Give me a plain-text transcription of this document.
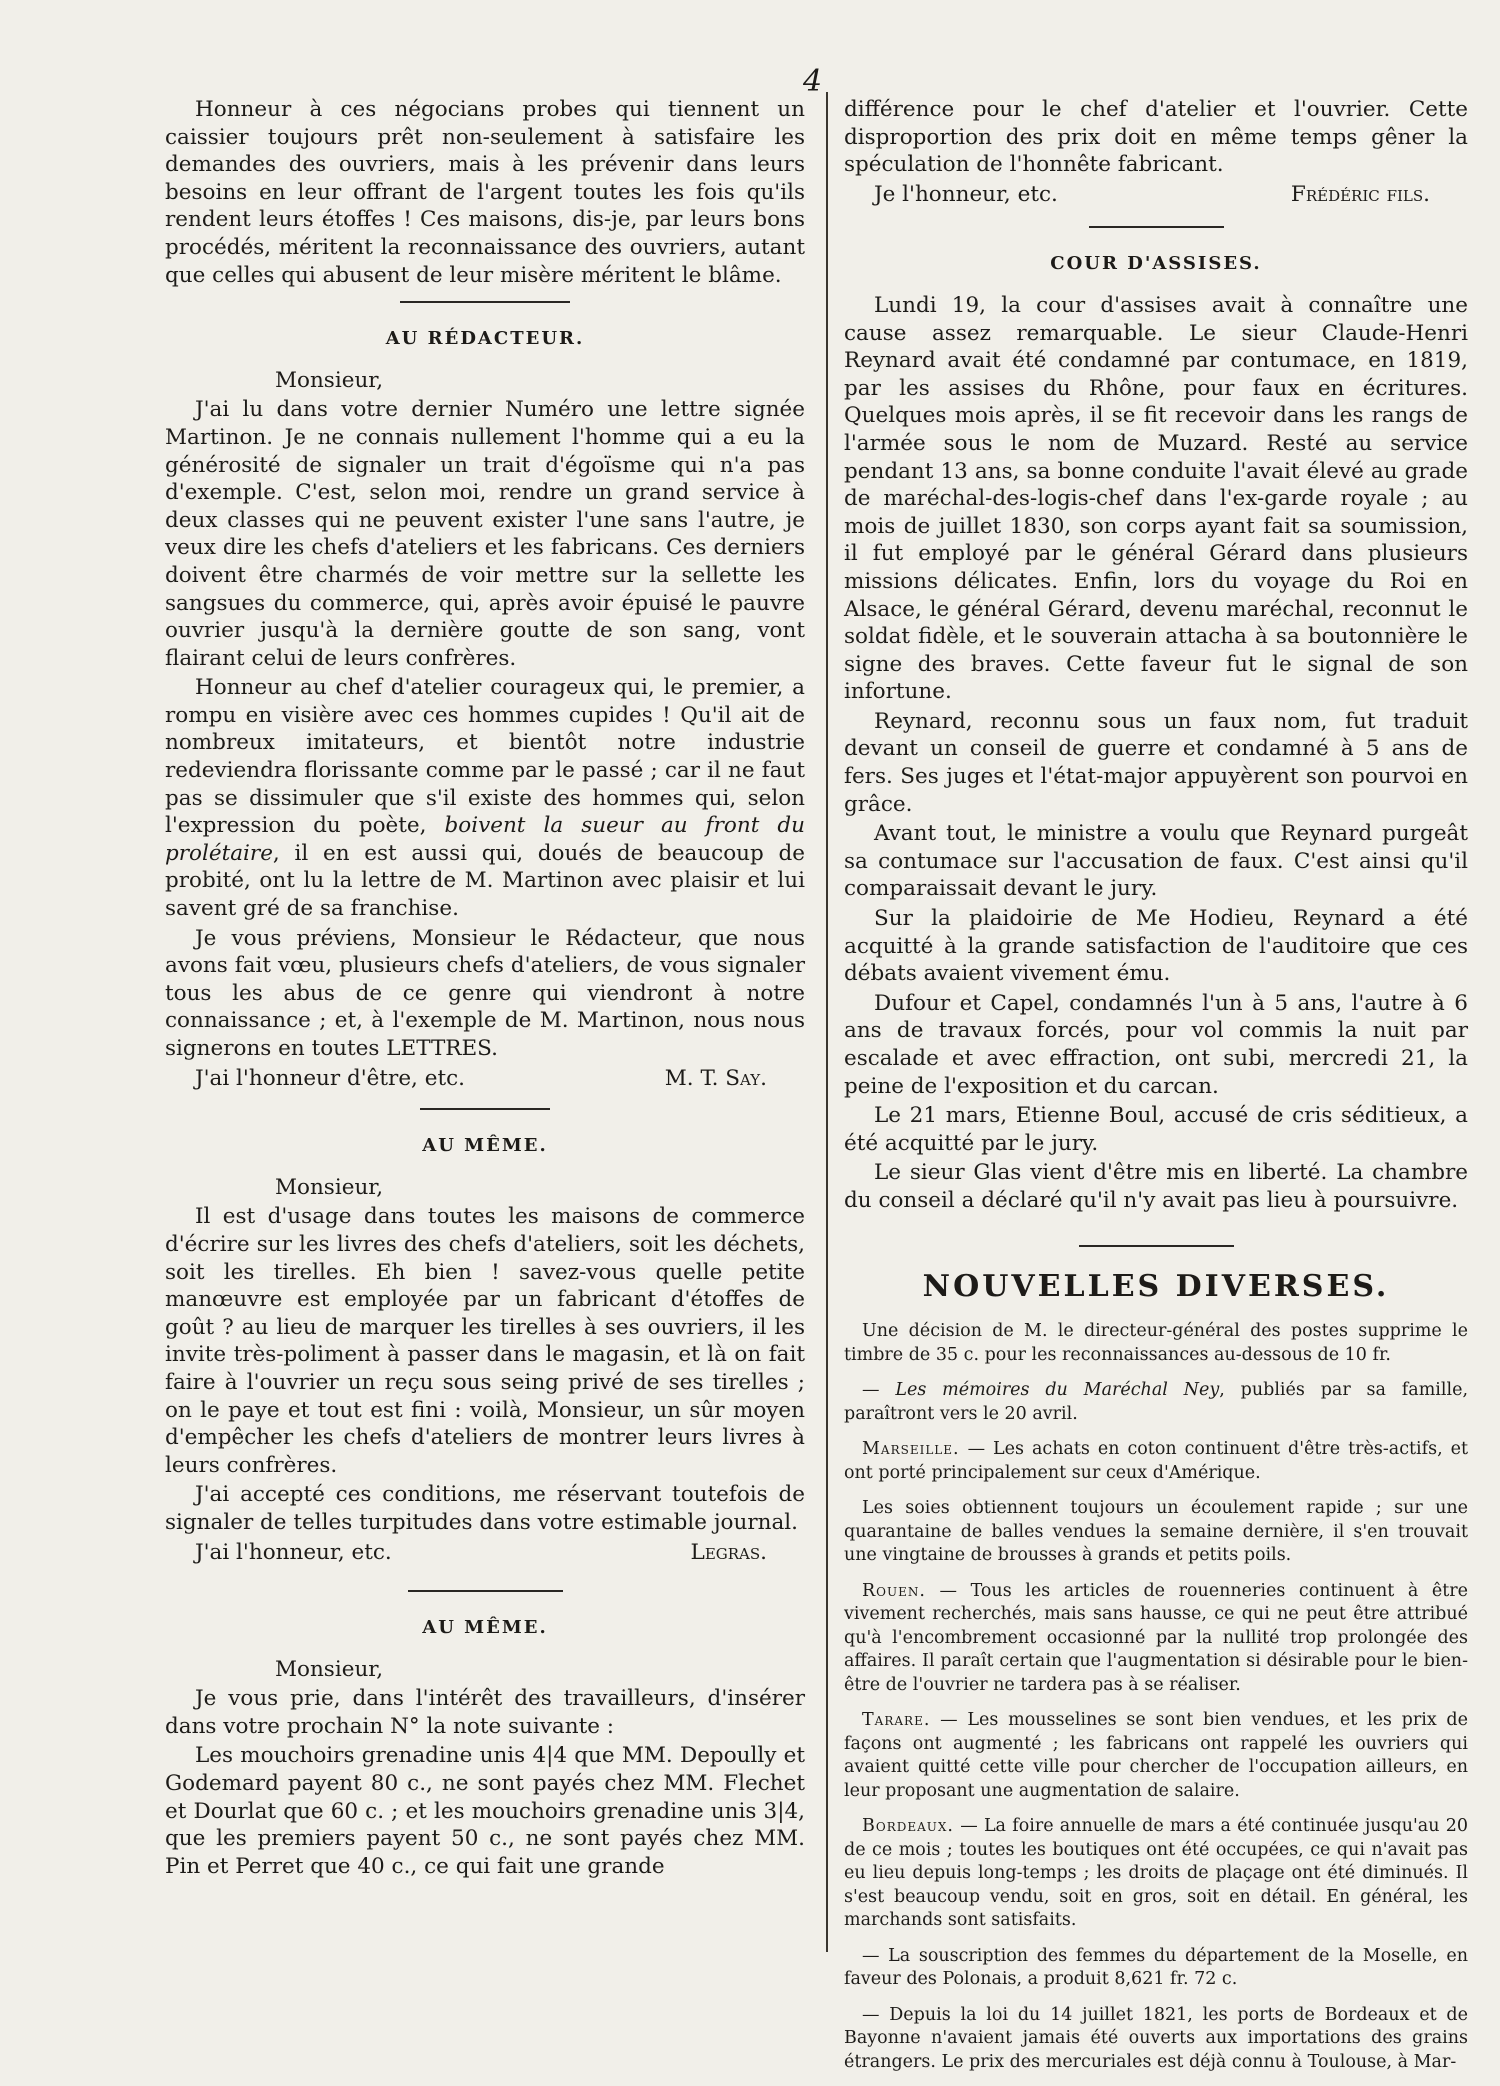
4

Honneur à ces négocians probes qui tiennent un caissier toujours prêt non-seulement à satisfaire les demandes des ouvriers, mais à les prévenir dans leurs besoins en leur offrant de l'argent toutes les fois qu'ils rendent leurs étoffes ! Ces maisons, dis-je, par leurs bons procédés, méritent la reconnaissance des ouvriers, autant que celles qui abusent de leur misère méritent le blâme.

AU RÉDACTEUR.

Monsieur,

J'ai lu dans votre dernier Numéro une lettre signée Martinon. Je ne connais nullement l'homme qui a eu la générosité de signaler un trait d'égoïsme qui n'a pas d'exemple. C'est, selon moi, rendre un grand service à deux classes qui ne peuvent exister l'une sans l'autre, je veux dire les chefs d'ateliers et les fabricans. Ces derniers doivent être charmés de voir mettre sur la sellette les sangsues du commerce, qui, après avoir épuisé le pauvre ouvrier jusqu'à la dernière goutte de son sang, vont flairant celui de leurs confrères.

Honneur au chef d'atelier courageux qui, le premier, a rompu en visière avec ces hommes cupides ! Qu'il ait de nombreux imitateurs, et bientôt notre industrie redeviendra florissante comme par le passé ; car il ne faut pas se dissimuler que s'il existe des hommes qui, selon l'expression du poète, boivent la sueur au front du prolétaire, il en est aussi qui, doués de beaucoup de probité, ont lu la lettre de M. Martinon avec plaisir et lui savent gré de sa franchise.

Je vous préviens, Monsieur le Rédacteur, que nous avons fait vœu, plusieurs chefs d'ateliers, de vous signaler tous les abus de ce genre qui viendront à notre connaissance ; et, à l'exemple de M. Martinon, nous nous signerons en toutes LETTRES.

J'ai l'honneur d'être, etc.	M. T. Say.
AU MÊME.

Monsieur,

Il est d'usage dans toutes les maisons de commerce d'écrire sur les livres des chefs d'ateliers, soit les déchets, soit les tirelles. Eh bien ! savez-vous quelle petite manœuvre est employée par un fabricant d'étoffes de goût ? au lieu de marquer les tirelles à ses ouvriers, il les invite très-poliment à passer dans le magasin, et là on fait faire à l'ouvrier un reçu sous seing privé de ses tirelles ; on le paye et tout est fini : voilà, Monsieur, un sûr moyen d'empêcher les chefs d'ateliers de montrer leurs livres à leurs confrères.

J'ai accepté ces conditions, me réservant toutefois de signaler de telles turpitudes dans votre estimable journal.

J'ai l'honneur, etc.	Legras.
AU MÊME.

Monsieur,

Je vous prie, dans l'intérêt des travailleurs, d'insérer dans votre prochain N° la note suivante :

Les mouchoirs grenadine unis 4|4 que MM. Depoully et Godemard payent 80 c., ne sont payés chez MM. Flechet et Dourlat que 60 c. ; et les mouchoirs grenadine unis 3|4, que les premiers payent 50 c., ne sont payés chez MM. Pin et Perret que 40 c., ce qui fait une grande

différence pour le chef d'atelier et l'ouvrier. Cette disproportion des prix doit en même temps gêner la spéculation de l'honnête fabricant.

Je l'honneur, etc.	Frédéric fils.
COUR D'ASSISES.

Lundi 19, la cour d'assises avait à connaître une cause assez remarquable. Le sieur Claude-Henri Reynard avait été condamné par contumace, en 1819, par les assises du Rhône, pour faux en écritures. Quelques mois après, il se fit recevoir dans les rangs de l'armée sous le nom de Muzard. Resté au service pendant 13 ans, sa bonne conduite l'avait élevé au grade de maréchal-des-logis-chef dans l'ex-garde royale ; au mois de juillet 1830, son corps ayant fait sa soumission, il fut employé par le général Gérard dans plusieurs missions délicates. Enfin, lors du voyage du Roi en Alsace, le général Gérard, devenu maréchal, reconnut le soldat fidèle, et le souverain attacha à sa boutonnière le signe des braves. Cette faveur fut le signal de son infortune.

Reynard, reconnu sous un faux nom, fut traduit devant un conseil de guerre et condamné à 5 ans de fers. Ses juges et l'état-major appuyèrent son pourvoi en grâce.

Avant tout, le ministre a voulu que Reynard purgeât sa contumace sur l'accusation de faux. C'est ainsi qu'il comparaissait devant le jury.

Sur la plaidoirie de Me Hodieu, Reynard a été acquitté à la grande satisfaction de l'auditoire que ces débats avaient vivement ému.

Dufour et Capel, condamnés l'un à 5 ans, l'autre à 6 ans de travaux forcés, pour vol commis la nuit par escalade et avec effraction, ont subi, mercredi 21, la peine de l'exposition et du carcan.

Le 21 mars, Etienne Boul, accusé de cris séditieux, a été acquitté par le jury.

Le sieur Glas vient d'être mis en liberté. La chambre du conseil a déclaré qu'il n'y avait pas lieu à poursuivre.

NOUVELLES DIVERSES.

Une décision de M. le directeur-général des postes supprime le timbre de 35 c. pour les reconnaissances au-dessous de 10 fr.

— Les mémoires du Maréchal Ney, publiés par sa famille, paraîtront vers le 20 avril.

Marseille. — Les achats en coton continuent d'être très-actifs, et ont porté principalement sur ceux d'Amérique.

Les soies obtiennent toujours un écoulement rapide ; sur une quarantaine de balles vendues la semaine dernière, il s'en trouvait une vingtaine de brousses à grands et petits poils.

Rouen. — Tous les articles de rouenneries continuent à être vivement recherchés, mais sans hausse, ce qui ne peut être attribué qu'à l'encombrement occasionné par la nullité trop prolongée des affaires. Il paraît certain que l'augmentation si désirable pour le bien-être de l'ouvrier ne tardera pas à se réaliser.

Tarare. — Les mousselines se sont bien vendues, et les prix de façons ont augmenté ; les fabricans ont rappelé les ouvriers qui avaient quitté cette ville pour chercher de l'occupation ailleurs, en leur proposant une augmentation de salaire.

Bordeaux. — La foire annuelle de mars a été continuée jusqu'au 20 de ce mois ; toutes les boutiques ont été occupées, ce qui n'avait pas eu lieu depuis long-temps ; les droits de plaçage ont été diminués. Il s'est beaucoup vendu, soit en gros, soit en détail. En général, les marchands sont satisfaits.

— La souscription des femmes du département de la Moselle, en faveur des Polonais, a produit 8,621 fr. 72 c.

— Depuis la loi du 14 juillet 1821, les ports de Bordeaux et de Bayonne n'avaient jamais été ouverts aux importations des grains étrangers. Le prix des mercuriales est déjà connu à Toulouse, à Mar-
